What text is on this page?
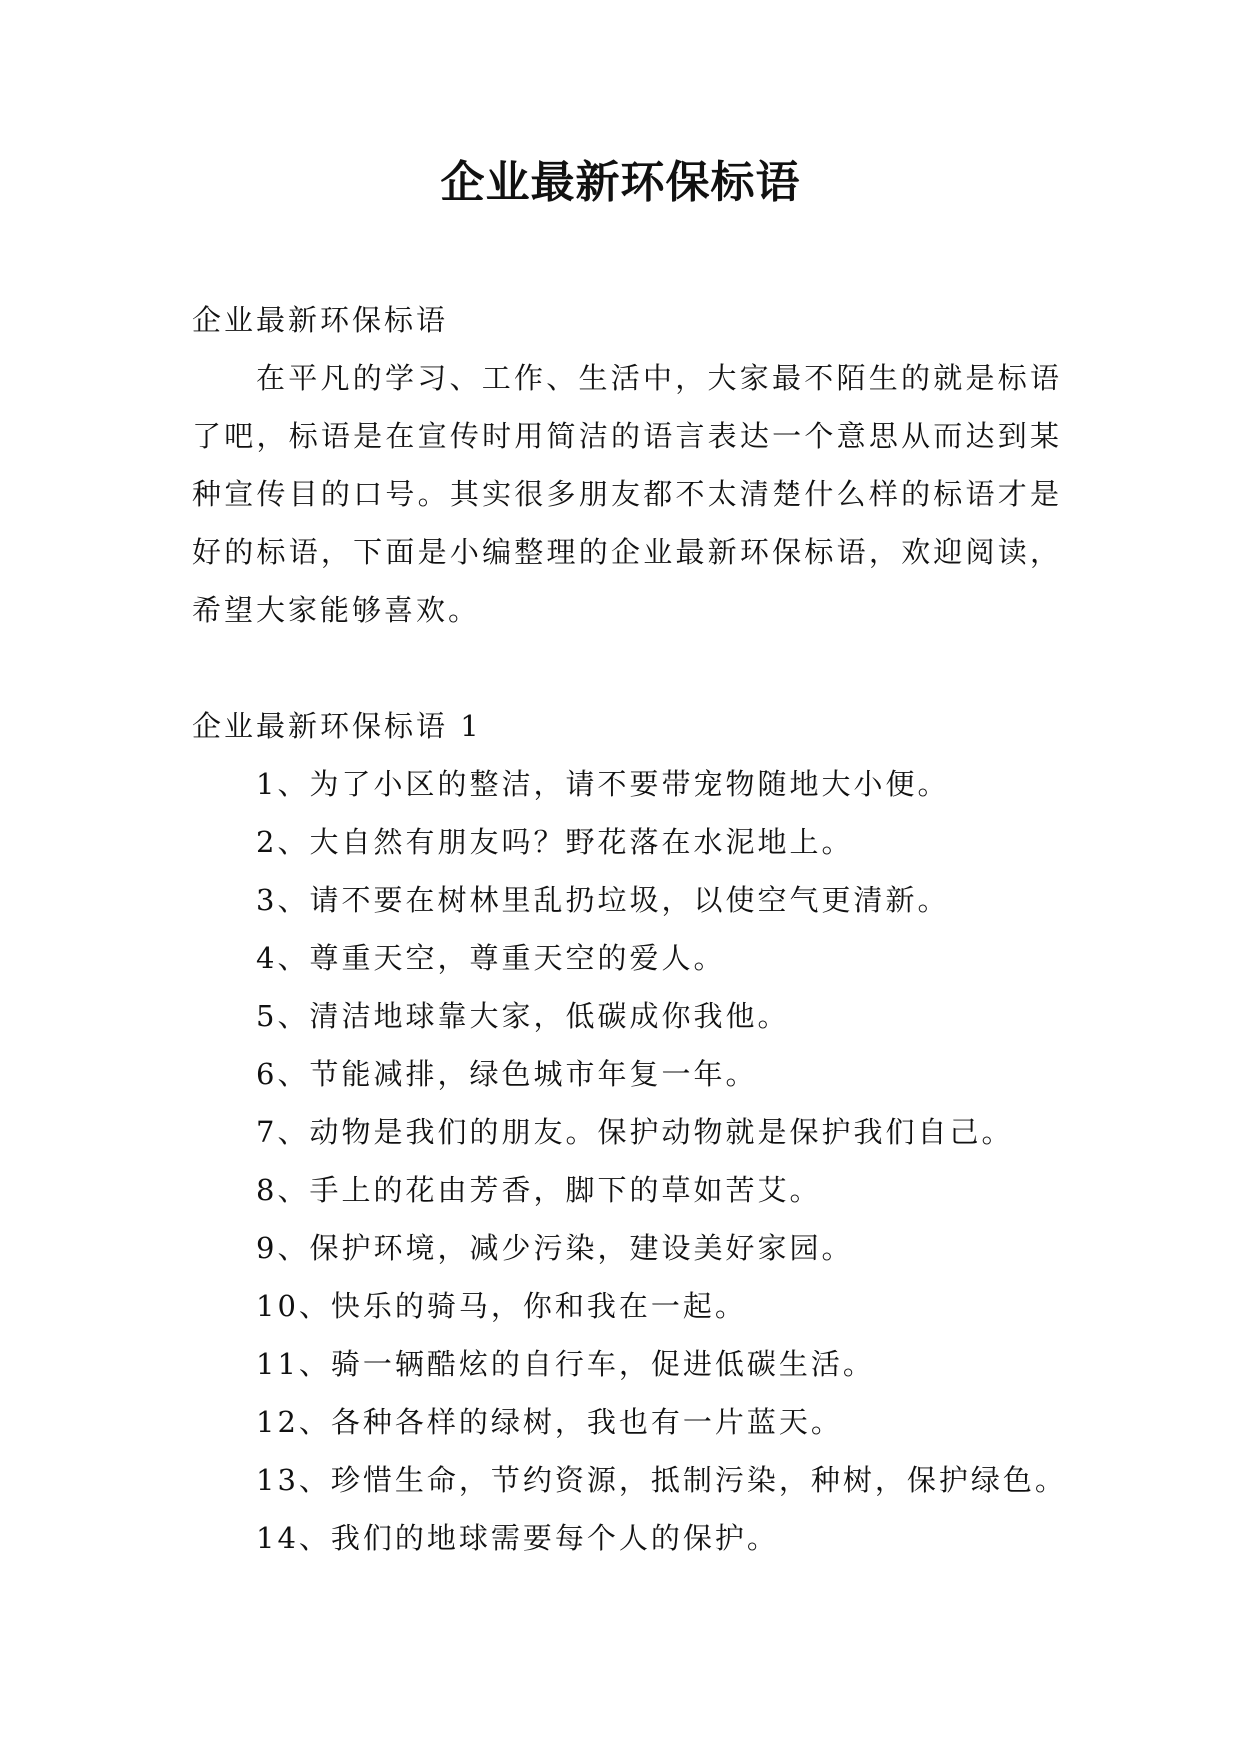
企业最新环保标语
企业最新环保标语

在平凡的学习、工作、生活中，大家最不陌生的就是标语了吧，标语是在宣传时用简洁的语言表达一个意思从而达到某种宣传目的口号。其实很多朋友都不太清楚什么样的标语才是好的标语，下面是小编整理的企业最新环保标语，欢迎阅读，希望大家能够喜欢。

企业最新环保标语 1
1、为了小区的整洁，请不要带宠物随地大小便。
2、大自然有朋友吗？野花落在水泥地上。
3、请不要在树林里乱扔垃圾，以使空气更清新。
4、尊重天空，尊重天空的爱人。
5、清洁地球靠大家，低碳成你我他。
6、节能减排，绿色城市年复一年。
7、动物是我们的朋友。保护动物就是保护我们自己。
8、手上的花由芳香，脚下的草如苦艾。
9、保护环境，减少污染，建设美好家园。
10、快乐的骑马，你和我在一起。
11、骑一辆酷炫的自行车，促进低碳生活。
12、各种各样的绿树，我也有一片蓝天。
13、珍惜生命，节约资源，抵制污染，种树，保护绿色。
14、我们的地球需要每个人的保护。
